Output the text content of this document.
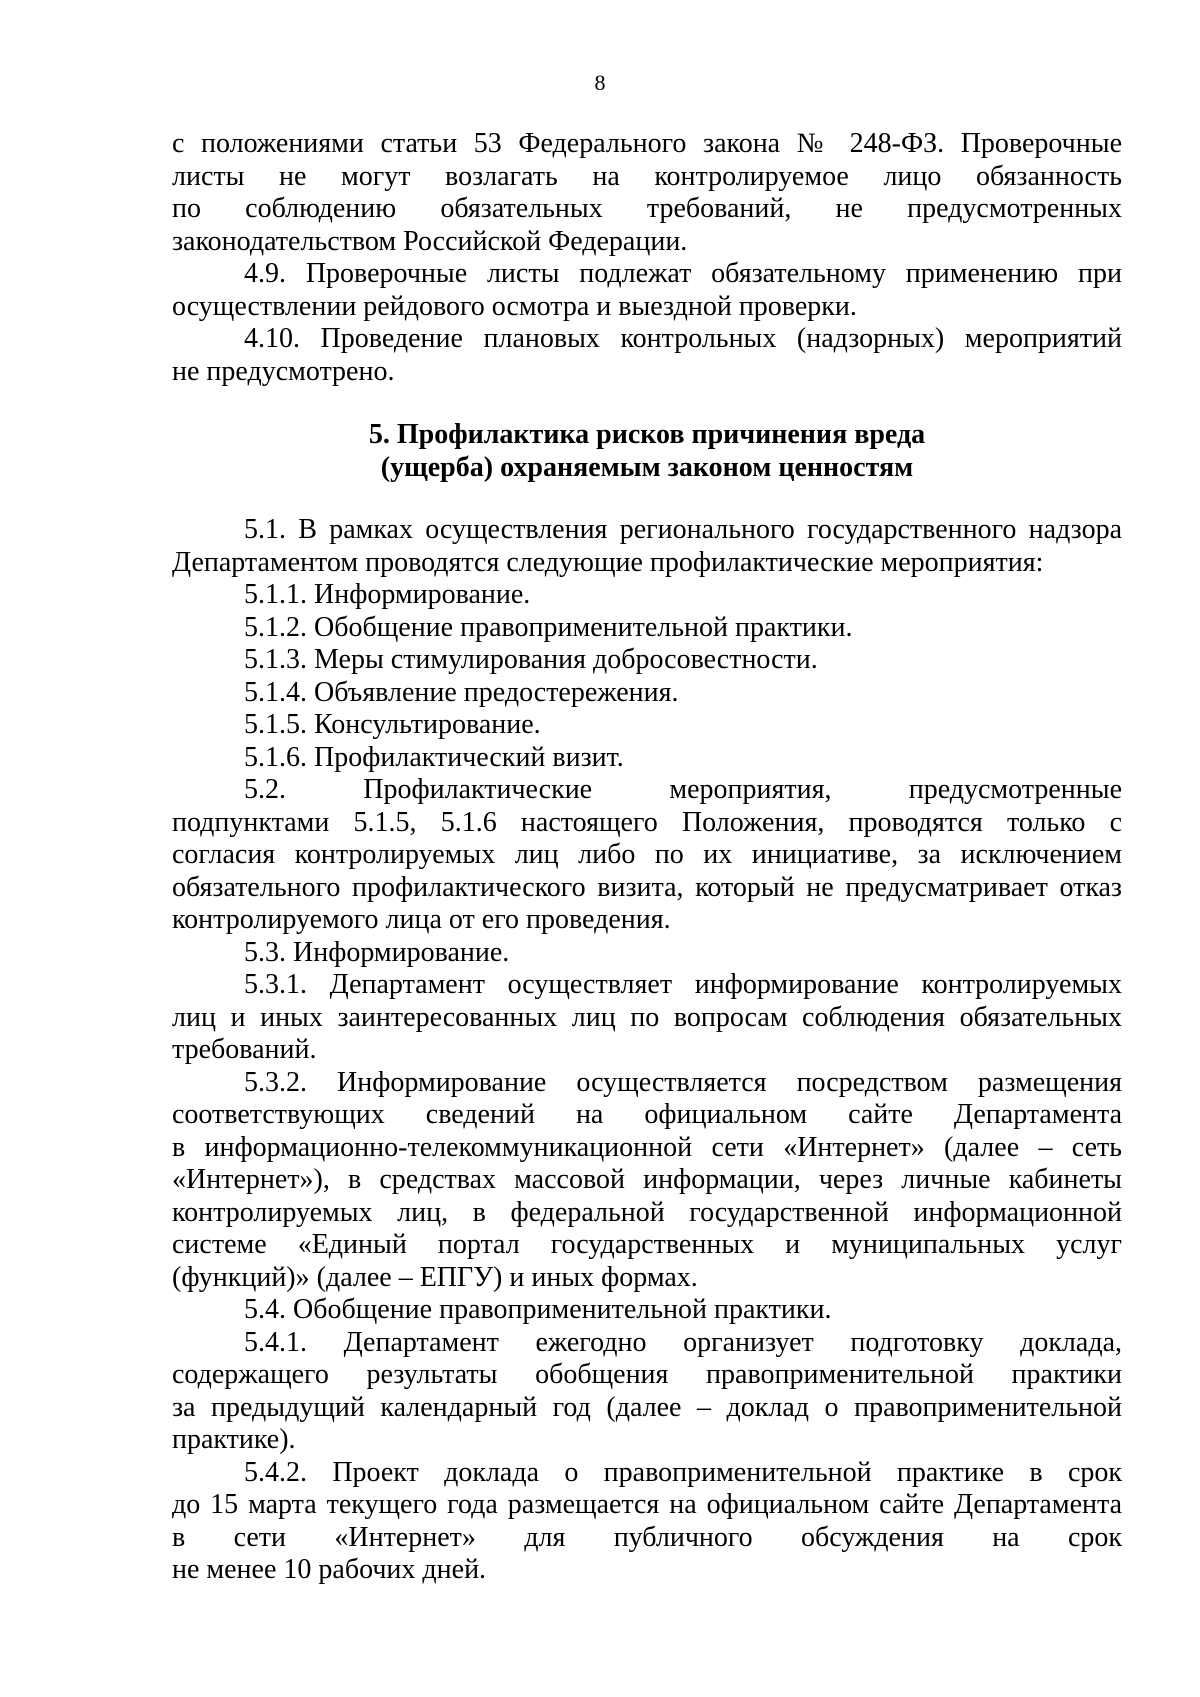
8
с положениями статьи 53 Федерального закона № 248-ФЗ. Проверочные
листы не могут возлагать на контролируемое лицо обязанность
по соблюдению обязательных требований, не предусмотренных
законодательством Российской Федерации.
4.9. Проверочные листы подлежат обязательному применению при
осуществлении рейдового осмотра и выездной проверки.
4.10. Проведение плановых контрольных (надзорных) мероприятий
не предусмотрено.
5. Профилактика рисков причинения вреда
(ущерба) охраняемым законом ценностям
5.1. В рамках осуществления регионального государственного надзора
Департаментом проводятся следующие профилактические мероприятия:
5.1.1. Информирование.
5.1.2. Обобщение правоприменительной практики.
5.1.3. Меры стимулирования добросовестности.
5.1.4. Объявление предостережения.
5.1.5. Консультирование.
5.1.6. Профилактический визит.
5.2. Профилактические мероприятия, предусмотренные
подпунктами 5.1.5, 5.1.6 настоящего Положения, проводятся только с
согласия контролируемых лиц либо по их инициативе, за исключением
обязательного профилактического визита, который не предусматривает отказ
контролируемого лица от его проведения.
5.3. Информирование.
5.3.1. Департамент осуществляет информирование контролируемых
лиц и иных заинтересованных лиц по вопросам соблюдения обязательных
требований.
5.3.2. Информирование осуществляется посредством размещения
соответствующих сведений на официальном сайте Департамента
в информационно-телекоммуникационной сети «Интернет» (далее – сеть
«Интернет»), в средствах массовой информации, через личные кабинеты
контролируемых лиц, в федеральной государственной информационной
системе «Единый портал государственных и муниципальных услуг
(функций)» (далее – ЕПГУ) и иных формах.
5.4. Обобщение правоприменительной практики.
5.4.1. Департамент ежегодно организует подготовку доклада,
содержащего результаты обобщения правоприменительной практики
за предыдущий календарный год (далее – доклад о правоприменительной
практике).
5.4.2. Проект доклада о правоприменительной практике в срок
до 15 марта текущего года размещается на официальном сайте Департамента
в сети «Интернет» для публичного обсуждения на срок
не менее 10 рабочих дней.
